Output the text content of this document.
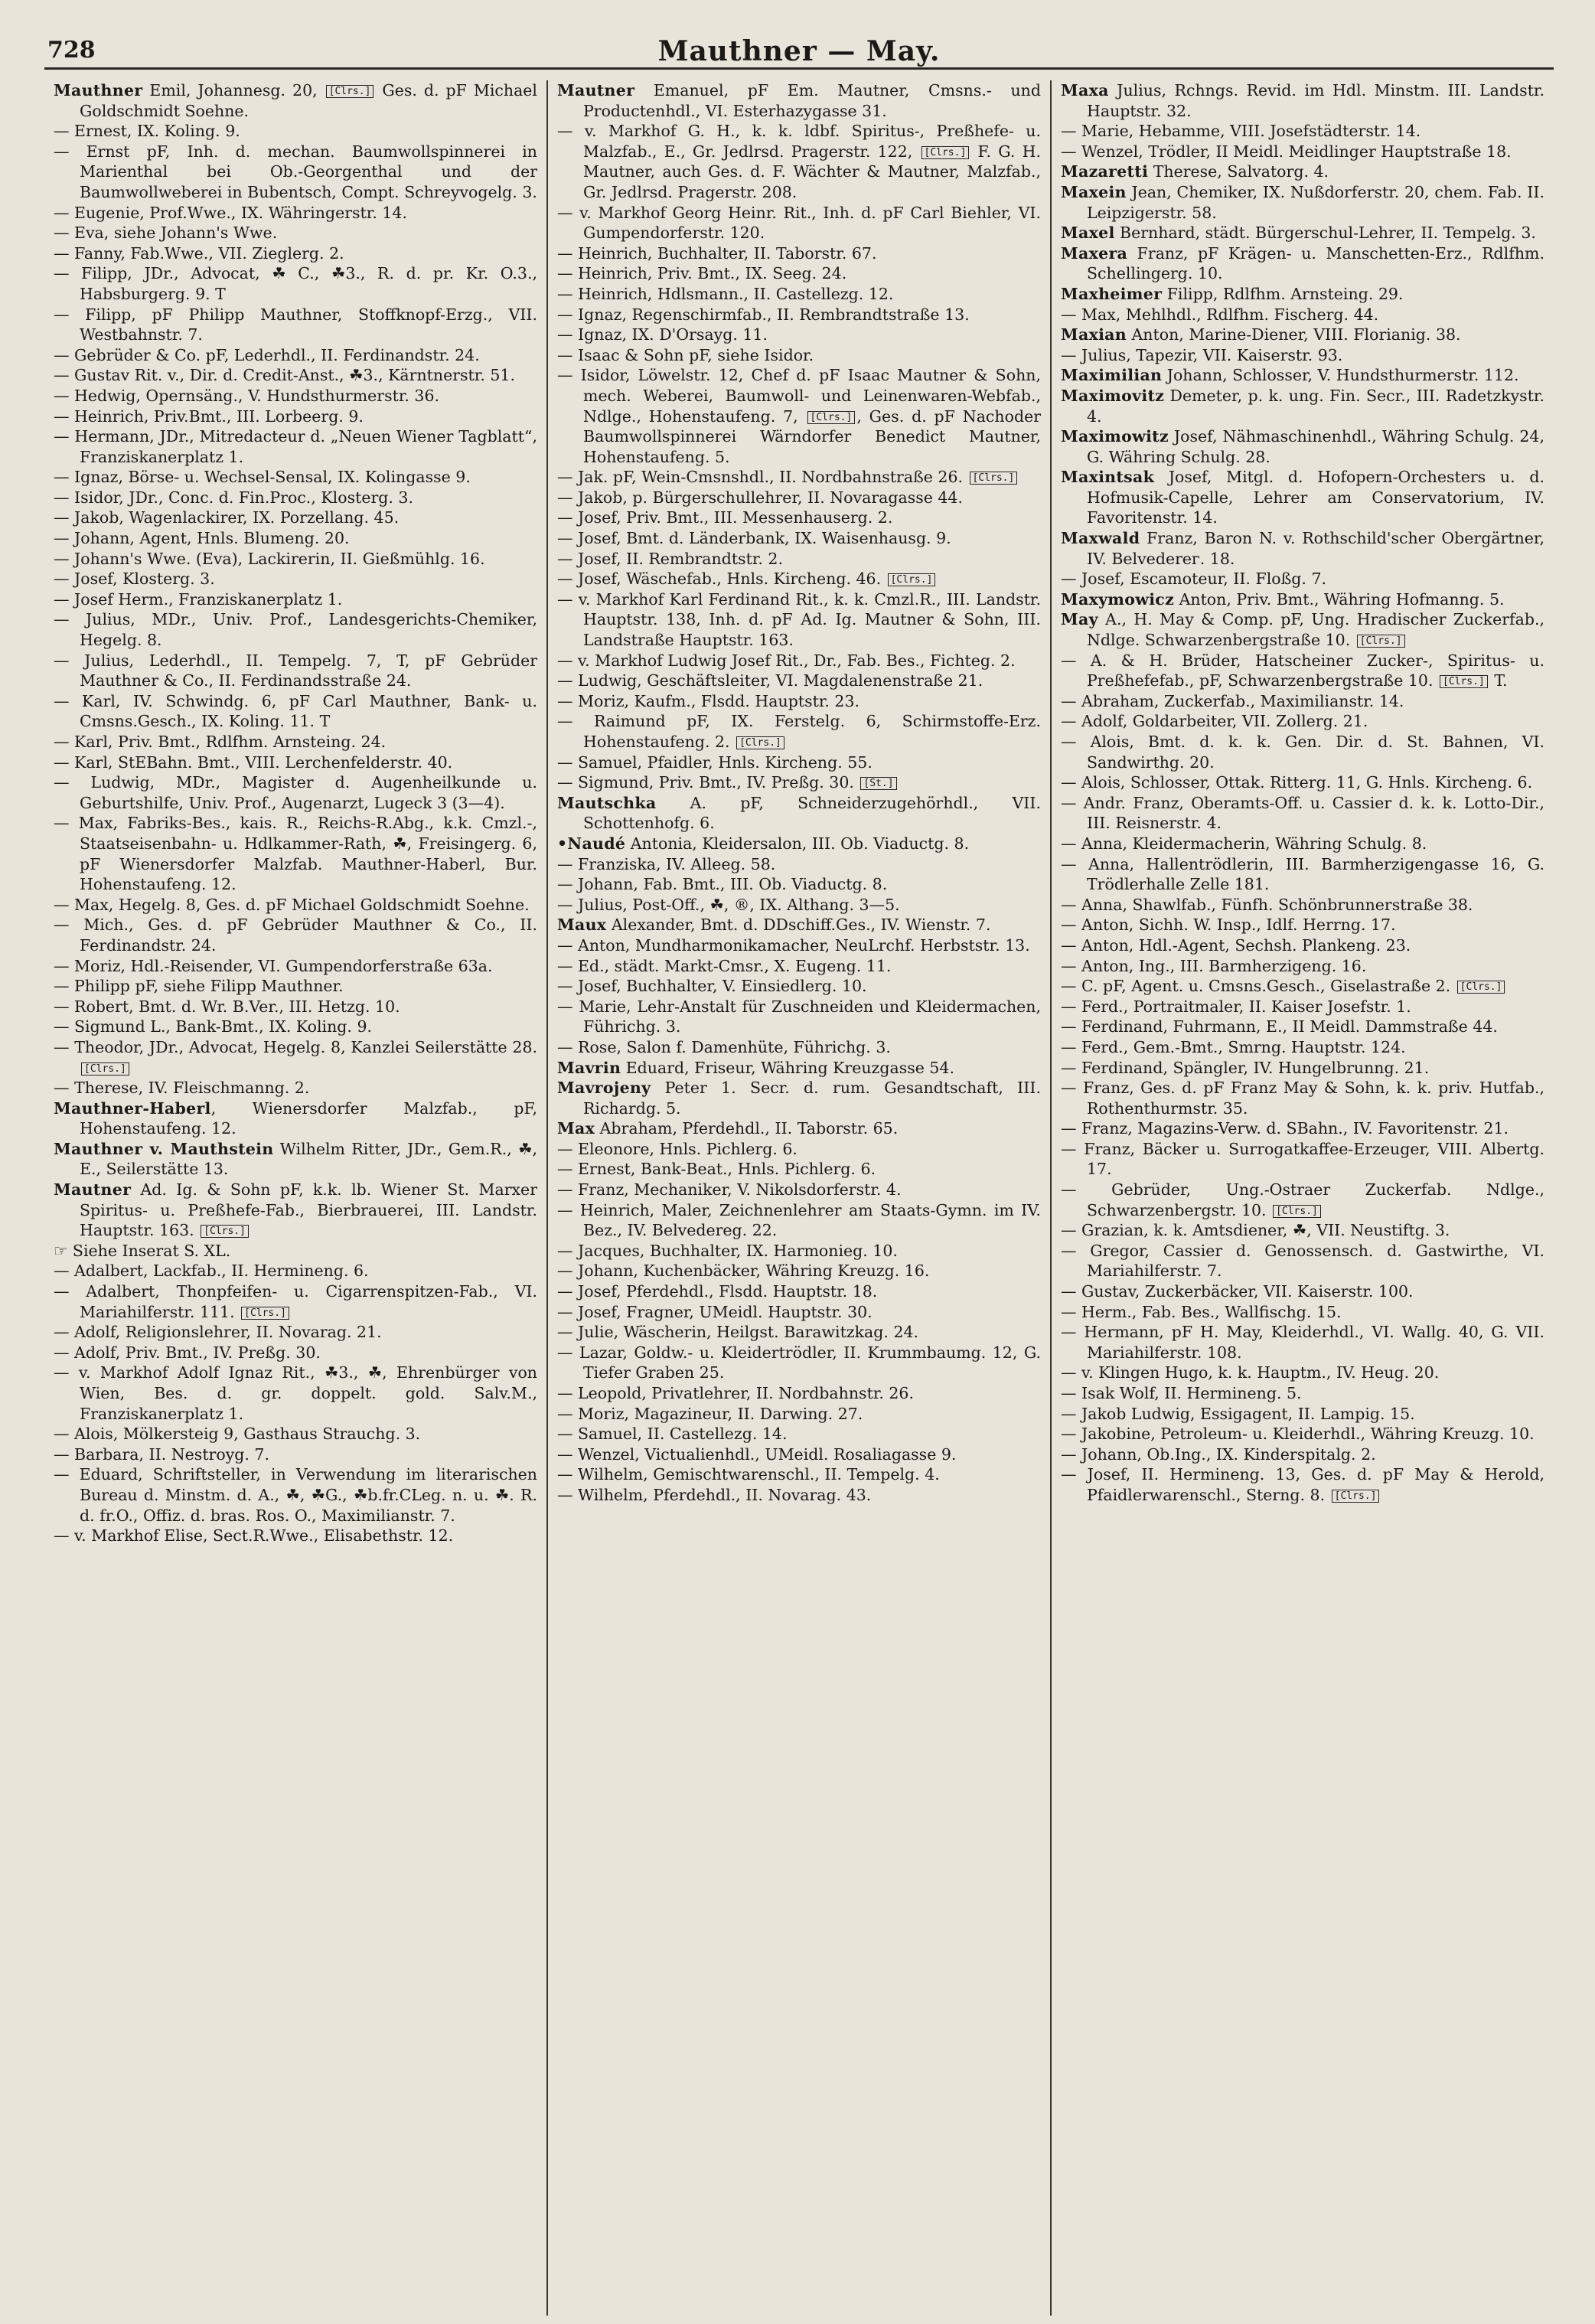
728	Mauthner — May.

Mauthner Emil, Johannesg. 20, [Clrs.] Ges. d. pF Michael Goldschmidt Soehne.

— Ernest, IX. Koling. 9.

— Ernst pF, Inh. d. mechan. Baumwollspinnerei in Marienthal bei Ob.-Georgenthal und der Baumwollweberei in Bubentsch, Compt. Schreyvogelg. 3.

— Eugenie, Prof.Wwe., IX. Währingerstr. 14.

— Eva, siehe Johann's Wwe.

— Fanny, Fab.Wwe., VII. Zieglerg. 2.

— Filipp, JDr., Advocat, ☘ C., ☘3., R. d. pr. Kr. O.3., Habsburgerg. 9. T

— Filipp, pF Philipp Mauthner, Stoffknopf-Erzg., VII. Westbahnstr. 7.

— Gebrüder & Co. pF, Lederhdl., II. Ferdinandstr. 24.

— Gustav Rit. v., Dir. d. Credit-Anst., ☘3., Kärntnerstr. 51.

— Hedwig, Opernsäng., V. Hundsthurmerstr. 36.

— Heinrich, Priv.Bmt., III. Lorbeerg. 9.

— Hermann, JDr., Mitredacteur d. „Neuen Wiener Tagblatt“, Franziskanerplatz 1.

— Ignaz, Börse- u. Wechsel-Sensal, IX. Kolingasse 9.

— Isidor, JDr., Conc. d. Fin.Proc., Klosterg. 3.

— Jakob, Wagenlackirer, IX. Porzellang. 45.

— Johann, Agent, Hnls. Blumeng. 20.

— Johann's Wwe. (Eva), Lackirerin, II. Gießmühlg. 16.

— Josef, Klosterg. 3.

— Josef Herm., Franziskanerplatz 1.

— Julius, MDr., Univ. Prof., Landesgerichts-Chemiker, Hegelg. 8.

— Julius, Lederhdl., II. Tempelg. 7, T, pF Gebrüder Mauthner & Co., II. Ferdinandsstraße 24.

— Karl, IV. Schwindg. 6, pF Carl Mauthner, Bank- u. Cmsns.Gesch., IX. Koling. 11. T

— Karl, Priv. Bmt., Rdlfhm. Arnsteing. 24.

— Karl, StEBahn. Bmt., VIII. Lerchenfelderstr. 40.

— Ludwig, MDr., Magister d. Augenheilkunde u. Geburtshilfe, Univ. Prof., Augenarzt, Lugeck 3 (3—4).

— Max, Fabriks-Bes., kais. R., Reichs-R.Abg., k.k. Cmzl.-, Staatseisenbahn- u. Hdlkammer-Rath, ☘, Freisingerg. 6, pF Wienersdorfer Malzfab. Mauthner-Haberl, Bur. Hohenstaufeng. 12.

— Max, Hegelg. 8, Ges. d. pF Michael Goldschmidt Soehne.

— Mich., Ges. d. pF Gebrüder Mauthner & Co., II. Ferdinandstr. 24.

— Moriz, Hdl.-Reisender, VI. Gumpendorferstraße 63a.

— Philipp pF, siehe Filipp Mauthner.

— Robert, Bmt. d. Wr. B.Ver., III. Hetzg. 10.

— Sigmund L., Bank-Bmt., IX. Koling. 9.

— Theodor, JDr., Advocat, Hegelg. 8, Kanzlei Seilerstätte 28. [Clrs.]

— Therese, IV. Fleischmanng. 2.

Mauthner-Haberl, Wienersdorfer Malzfab., pF, Hohenstaufeng. 12.

Mauthner v. Mauthstein Wilhelm Ritter, JDr., Gem.R., ☘, E., Seilerstätte 13.

Mautner Ad. Ig. & Sohn pF, k.k. lb. Wiener St. Marxer Spiritus- u. Preßhefe-Fab., Bierbrauerei, III. Landstr. Hauptstr. 163. [Clrs.]

☞ Siehe Inserat S. XL.

— Adalbert, Lackfab., II. Hermineng. 6.

— Adalbert, Thonpfeifen- u. Cigarrenspitzen-Fab., VI. Mariahilferstr. 111. [Clrs.]

— Adolf, Religionslehrer, II. Novarag. 21.

— Adolf, Priv. Bmt., IV. Preßg. 30.

— v. Markhof Adolf Ignaz Rit., ☘3., ☘, Ehrenbürger von Wien, Bes. d. gr. doppelt. gold. Salv.M., Franziskanerplatz 1.

— Alois, Mölkersteig 9, Gasthaus Strauchg. 3.

— Barbara, II. Nestroyg. 7.

— Eduard, Schriftsteller, in Verwendung im literarischen Bureau d. Minstm. d. A., ☘, ☘G., ☘b.fr.CLeg. n. u. ☘. R. d. fr.O., Offiz. d. bras. Ros. O., Maximilianstr. 7.

— v. Markhof Elise, Sect.R.Wwe., Elisabethstr. 12.

Mautner Emanuel, pF Em. Mautner, Cmsns.- und Productenhdl., VI. Esterhazygasse 31.

— v. Markhof G. H., k. k. ldbf. Spiritus-, Preßhefe- u. Malzfab., E., Gr. Jedlrsd. Pragerstr. 122, [Clrs.] F. G. H. Mautner, auch Ges. d. F. Wächter & Mautner, Malzfab., Gr. Jedlrsd. Pragerstr. 208.

— v. Markhof Georg Heinr. Rit., Inh. d. pF Carl Biehler, VI. Gumpendorferstr. 120.

— Heinrich, Buchhalter, II. Taborstr. 67.

— Heinrich, Priv. Bmt., IX. Seeg. 24.

— Heinrich, Hdlsmann., II. Castellezg. 12.

— Ignaz, Regenschirmfab., II. Rembrandtstraße 13.

— Ignaz, IX. D'Orsayg. 11.

— Isaac & Sohn pF, siehe Isidor.

— Isidor, Löwelstr. 12, Chef d. pF Isaac Mautner & Sohn, mech. Weberei, Baumwoll- und Leinenwaren-Webfab., Ndlge., Hohenstaufeng. 7, [Clrs.] , Ges. d. pF Nachoder Baumwollspinnerei Wärndorfer Benedict Mautner, Hohenstaufeng. 5.

— Jak. pF, Wein-Cmsnshdl., II. Nordbahnstraße 26. [Clrs.]

— Jakob, p. Bürgerschullehrer, II. Novaragasse 44.

— Josef, Priv. Bmt., III. Messenhauserg. 2.

— Josef, Bmt. d. Länderbank, IX. Waisenhausg. 9.

— Josef, II. Rembrandtstr. 2.

— Josef, Wäschefab., Hnls. Kircheng. 46. [Clrs.]

— v. Markhof Karl Ferdinand Rit., k. k. Cmzl.R., III. Landstr. Hauptstr. 138, Inh. d. pF Ad. Ig. Mautner & Sohn, III. Landstraße Hauptstr. 163.

— v. Markhof Ludwig Josef Rit., Dr., Fab. Bes., Fichteg. 2.

— Ludwig, Geschäftsleiter, VI. Magdalenenstraße 21.

— Moriz, Kaufm., Flsdd. Hauptstr. 23.

— Raimund pF, IX. Ferstelg. 6, Schirmstoffe-Erz. Hohenstaufeng. 2. [Clrs.]

— Samuel, Pfaidler, Hnls. Kircheng. 55.

— Sigmund, Priv. Bmt., IV. Preßg. 30. [St.]

Mautschka A. pF, Schneiderzugehörhdl., VII. Schottenhofg. 6.

•Naudé Antonia, Kleidersalon, III. Ob. Viaductg. 8.

— Franziska, IV. Alleeg. 58.

— Johann, Fab. Bmt., III. Ob. Viaductg. 8.

— Julius, Post-Off., ☘, ®, IX. Althang. 3—5.

Maux Alexander, Bmt. d. DDschiff.Ges., IV. Wienstr. 7.

— Anton, Mundharmonikamacher, NeuLrchf. Herbststr. 13.

— Ed., städt. Markt-Cmsr., X. Eugeng. 11.

— Josef, Buchhalter, V. Einsiedlerg. 10.

— Marie, Lehr-Anstalt für Zuschneiden und Kleidermachen, Führichg. 3.

— Rose, Salon f. Damenhüte, Führichg. 3.

Mavrin Eduard, Friseur, Währing Kreuzgasse 54.

Mavrojeny Peter 1. Secr. d. rum. Gesandtschaft, III. Richardg. 5.

Max Abraham, Pferdehdl., II. Taborstr. 65.

— Eleonore, Hnls. Pichlerg. 6.

— Ernest, Bank-Beat., Hnls. Pichlerg. 6.

— Franz, Mechaniker, V. Nikolsdorferstr. 4.

— Heinrich, Maler, Zeichnenlehrer am Staats-Gymn. im IV. Bez., IV. Belvedereg. 22.

— Jacques, Buchhalter, IX. Harmonieg. 10.

— Johann, Kuchenbäcker, Währing Kreuzg. 16.

— Josef, Pferdehdl., Flsdd. Hauptstr. 18.

— Josef, Fragner, UMeidl. Hauptstr. 30.

— Julie, Wäscherin, Heilgst. Barawitzkag. 24.

— Lazar, Goldw.- u. Kleidertrödler, II. Krummbaumg. 12, G. Tiefer Graben 25.

— Leopold, Privatlehrer, II. Nordbahnstr. 26.

— Moriz, Magazineur, II. Darwing. 27.

— Samuel, II. Castellezg. 14.

— Wenzel, Victualienhdl., UMeidl. Rosaliagasse 9.

— Wilhelm, Gemischtwarenschl., II. Tempelg. 4.

— Wilhelm, Pferdehdl., II. Novarag. 43.

Maxa Julius, Rchngs. Revid. im Hdl. Minstm. III. Landstr. Hauptstr. 32.

— Marie, Hebamme, VIII. Josefstädterstr. 14.

— Wenzel, Trödler, II Meidl. Meidlinger Hauptstraße 18.

Mazaretti Therese, Salvatorg. 4.

Maxein Jean, Chemiker, IX. Nußdorferstr. 20, chem. Fab. II. Leipzigerstr. 58.

Maxel Bernhard, städt. Bürgerschul-Lehrer, II. Tempelg. 3.

Maxera Franz, pF Krägen- u. Manschetten-Erz., Rdlfhm. Schellingerg. 10.

Maxheimer Filipp, Rdlfhm. Arnsteing. 29.

— Max, Mehlhdl., Rdlfhm. Fischerg. 44.

Maxian Anton, Marine-Diener, VIII. Florianig. 38.

— Julius, Tapezir, VII. Kaiserstr. 93.

Maximilian Johann, Schlosser, V. Hundsthurmerstr. 112.

Maximovitz Demeter, p. k. ung. Fin. Secr., III. Radetzkystr. 4.

Maximowitz Josef, Nähmaschinenhdl., Währing Schulg. 24, G. Währing Schulg. 28.

Maxintsak Josef, Mitgl. d. Hofopern-Orchesters u. d. Hofmusik-Capelle, Lehrer am Conservatorium, IV. Favoritenstr. 14.

Maxwald Franz, Baron N. v. Rothschild'scher Obergärtner, IV. Belvederег. 18.

— Josef, Escamoteur, II. Floßg. 7.

Maxymowicz Anton, Priv. Bmt., Währing Hofmanng. 5.

May A., H. May & Comp. pF, Ung. Hradischer Zuckerfab., Ndlge. Schwarzenbergstraße 10. [Clrs.]

— A. & H. Brüder, Hatscheiner Zucker-, Spiritus- u. Preßhefefab., pF, Schwarzenbergstraße 10. [Clrs.] T.

— Abraham, Zuckerfab., Maximilianstr. 14.

— Adolf, Goldarbeiter, VII. Zollerg. 21.

— Alois, Bmt. d. k. k. Gen. Dir. d. St. Bahnen, VI. Sandwirthg. 20.

— Alois, Schlosser, Ottak. Ritterg. 11, G. Hnls. Kircheng. 6.

— Andr. Franz, Oberamts-Off. u. Cassier d. k. k. Lotto-Dir., III. Reisnerstr. 4.

— Anna, Kleidermacherin, Währing Schulg. 8.

— Anna, Hallentrödlerin, III. Barmherzigengasse 16, G. Trödlerhalle Zelle 181.

— Anna, Shawlfab., Fünfh. Schönbrunnerstraße 38.

— Anton, Sichh. W. Insp., Idlf. Herrng. 17.

— Anton, Hdl.-Agent, Sechsh. Plankeng. 23.

— Anton, Ing., III. Barmherzigeng. 16.

— C. pF, Agent. u. Cmsns.Gesch., Giselastraße 2. [Clrs.]

— Ferd., Portraitmaler, II. Kaiser Josefstr. 1.

— Ferdinand, Fuhrmann, E., II Meidl. Dammstraße 44.

— Ferd., Gem.-Bmt., Smrng. Hauptstr. 124.

— Ferdinand, Spängler, IV. Hungelbrunng. 21.

— Franz, Ges. d. pF Franz May & Sohn, k. k. priv. Hutfab., Rothenthurmstr. 35.

— Franz, Magazins-Verw. d. SBahn., IV. Favoritenstr. 21.

— Franz, Bäcker u. Surrogatkaffee-Erzeuger, VIII. Albertg. 17.

— Gebrüder, Ung.-Ostraer Zuckerfab. Ndlge., Schwarzenbergstr. 10. [Clrs.]

— Grazian, k. k. Amtsdiener, ☘, VII. Neustiftg. 3.

— Gregor, Cassier d. Genossensch. d. Gastwirthe, VI. Mariahilferstr. 7.

— Gustav, Zuckerbäcker, VII. Kaiserstr. 100.

— Herm., Fab. Bes., Wallfischg. 15.

— Hermann, pF H. May, Kleiderhdl., VI. Wallg. 40, G. VII. Mariahilferstr. 108.

— v. Klingen Hugo, k. k. Hauptm., IV. Heug. 20.

— Isak Wolf, II. Hermineng. 5.

— Jakob Ludwig, Essigagent, II. Lampig. 15.

— Jakobine, Petroleum- u. Kleiderhdl., Währing Kreuzg. 10.

— Johann, Ob.Ing., IX. Kinderspitalg. 2.

— Josef, II. Hermineng. 13, Ges. d. pF May & Herold, Pfaidlerwarenschl., Sterng. 8. [Clrs.]
